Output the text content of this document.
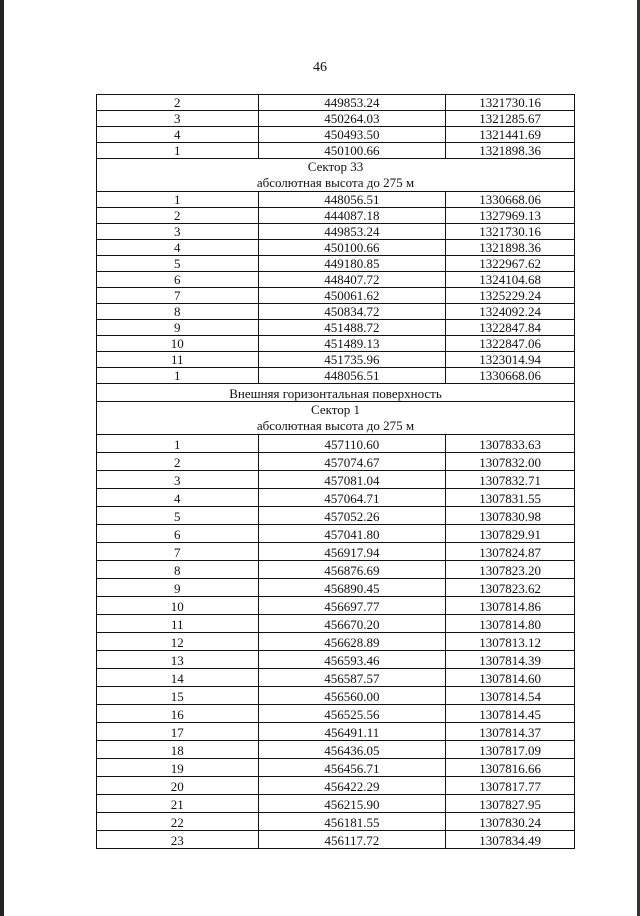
46
2	449853.24	1321730.16
3	450264.03	1321285.67
4	450493.50	1321441.69
1	450100.66	1321898.36

Сектор 33
абсолютная высота до 275 м		

1	448056.51	1330668.06
2	444087.18	1327969.13
3	449853.24	1321730.16
4	450100.66	1321898.36
5	449180.85	1322967.62
6	448407.72	1324104.68
7	450061.62	1325229.24
8	450834.72	1324092.24
9	451488.72	1322847.84
10	451489.13	1322847.06
11	451735.96	1323014.94
1	448056.51	1330668.06
Внешняя горизонтальная поверхность		

Сектор 1
абсолютная высота до 275 м		

1	457110.60	1307833.63
2	457074.67	1307832.00
3	457081.04	1307832.71
4	457064.71	1307831.55
5	457052.26	1307830.98
6	457041.80	1307829.91
7	456917.94	1307824.87
8	456876.69	1307823.20
9	456890.45	1307823.62
10	456697.77	1307814.86
11	456670.20	1307814.80
12	456628.89	1307813.12
13	456593.46	1307814.39
14	456587.57	1307814.60
15	456560.00	1307814.54
16	456525.56	1307814.45
17	456491.11	1307814.37
18	456436.05	1307817.09
19	456456.71	1307816.66
20	456422.29	1307817.77
21	456215.90	1307827.95
22	456181.55	1307830.24
23	456117.72	1307834.49
